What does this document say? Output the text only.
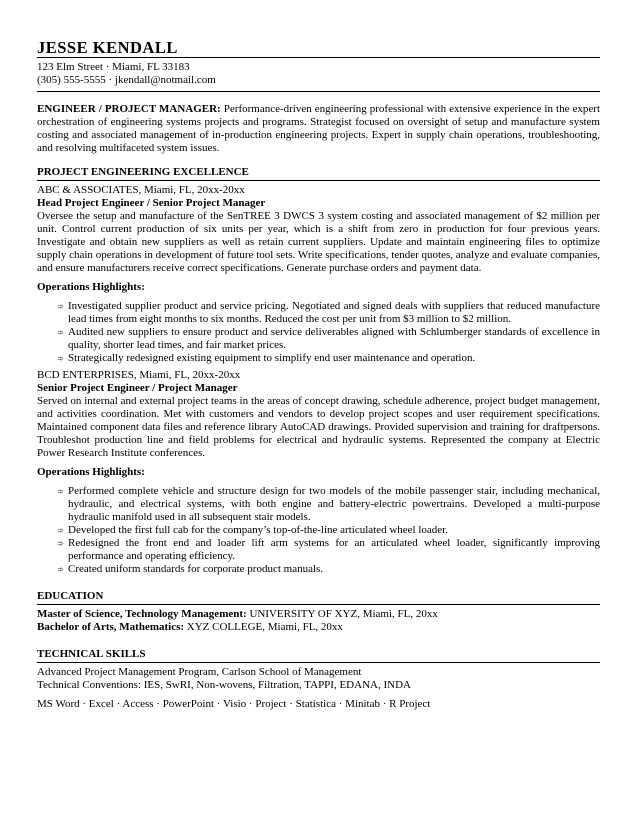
JESSE KENDALL
123 Elm Street · Miami, FL 33183
(305) 555-5555 · jkendall@notmail.com
ENGINEER / PROJECT MANAGER: Performance-driven engineering professional with extensive experience in the expert orchestration of engineering systems projects and programs. Strategist focused on oversight of setup and manufacture system costing and associated management of in-production engineering projects. Expert in supply chain operations, troubleshooting, and resolving multifaceted system issues.
PROJECT ENGINEERING EXCELLENCE
ABC & ASSOCIATES, Miami, FL, 20xx-20xx
Head Project Engineer / Senior Project Manager
Oversee the setup and manufacture of the SenTREE 3 DWCS 3 system costing and associated management of $2 million per unit. Control current production of six units per year, which is a shift from zero in production for four previous years. Investigate and obtain new suppliers as well as retain current suppliers. Update and maintain engineering files to optimize supply chain operations in development of future tool sets. Write specifications, tender quotes, analyze and evaluate companies, and ensure manufacturers receive correct specifications. Generate purchase orders and payment data.
Operations Highlights:
➾ Investigated supplier product and service pricing. Negotiated and signed deals with suppliers that reduced manufacture lead times from eight months to six months. Reduced the cost per unit from $3 million to $2 million.
➾ Audited new suppliers to ensure product and service deliverables aligned with Schlumberger standards of excellence in quality, shorter lead times, and fair market prices.
➾ Strategically redesigned existing equipment to simplify end user maintenance and operation.
BCD ENTERPRISES, Miami, FL, 20xx-20xx
Senior Project Engineer / Project Manager
Served on internal and external project teams in the areas of concept drawing, schedule adherence, project budget management, and activities coordination. Met with customers and vendors to develop project scopes and user requirement specifications. Maintained component data files and reference library AutoCAD drawings. Provided supervision and training for draftpersons. Troubleshot production line and field problems for electrical and hydraulic systems. Represented the company at Electric Power Research Institute conferences.
Operations Highlights:
➾ Performed complete vehicle and structure design for two models of the mobile passenger stair, including mechanical, hydraulic, and electrical systems, with both engine and battery-electric powertrains. Developed a multi-purpose hydraulic manifold used in all subsequent stair models.
➾ Developed the first full cab for the company’s top-of-the-line articulated wheel loader.
➾ Redesigned the front end and loader lift arm systems for an articulated wheel loader, significantly improving performance and operating efficiency.
➾ Created uniform standards for corporate product manuals.
EDUCATION
Master of Science, Technology Management: UNIVERSITY OF XYZ, Miami, FL, 20xx
Bachelor of Arts, Mathematics: XYZ COLLEGE, Miami, FL, 20xx
TECHNICAL SKILLS
Advanced Project Management Program, Carlson School of Management
Technical Conventions: IES, SwRI, Non-wovens, Filtration, TAPPI, EDANA, INDA
MS Word · Excel · Access · PowerPoint · Visio · Project · Statistica · Minitab · R Project
